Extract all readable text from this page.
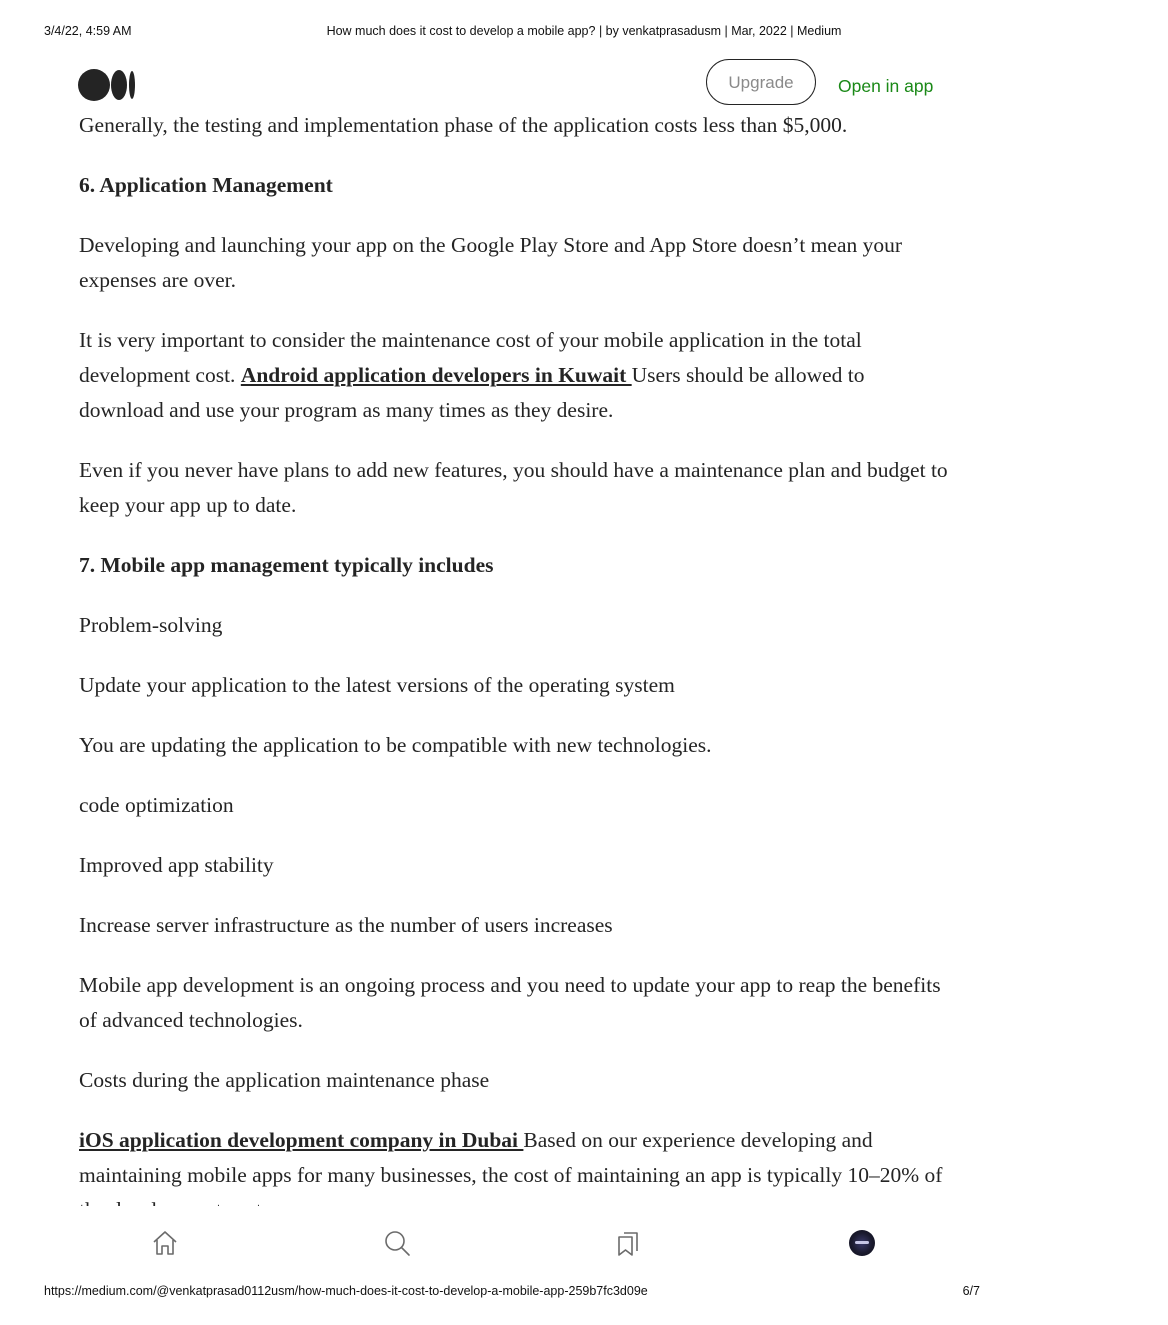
3/4/22, 4:59 AM	How much does it cost to develop a mobile app? | by venkatprasadusm | Mar, 2022 | Medium
Upgrade	Open in app

Generally, the testing and implementation phase of the application costs less than $5,000.

6. Application Management

Developing and launching your app on the Google Play Store and App Store doesn’t mean your expenses are over.

It is very important to consider the maintenance cost of your mobile application in the total development cost. Android application developers in Kuwait Users should be allowed to download and use your program as many times as they desire.

Even if you never have plans to add new features, you should have a maintenance plan and budget to keep your app up to date.

7. Mobile app management typically includes

Problem-solving

Update your application to the latest versions of the operating system

You are updating the application to be compatible with new technologies.

code optimization

Improved app stability

Increase server infrastructure as the number of users increases

Mobile app development is an ongoing process and you need to update your app to reap the benefits of advanced technologies.

Costs during the application maintenance phase

iOS application development company in Dubai Based on our experience developing and maintaining mobile apps for many businesses, the cost of maintaining an app is typically 10–20% of

https://medium.com/@venkatprasad0112usm/how-much-does-it-cost-to-develop-a-mobile-app-259b7fc3d09e	6/7
